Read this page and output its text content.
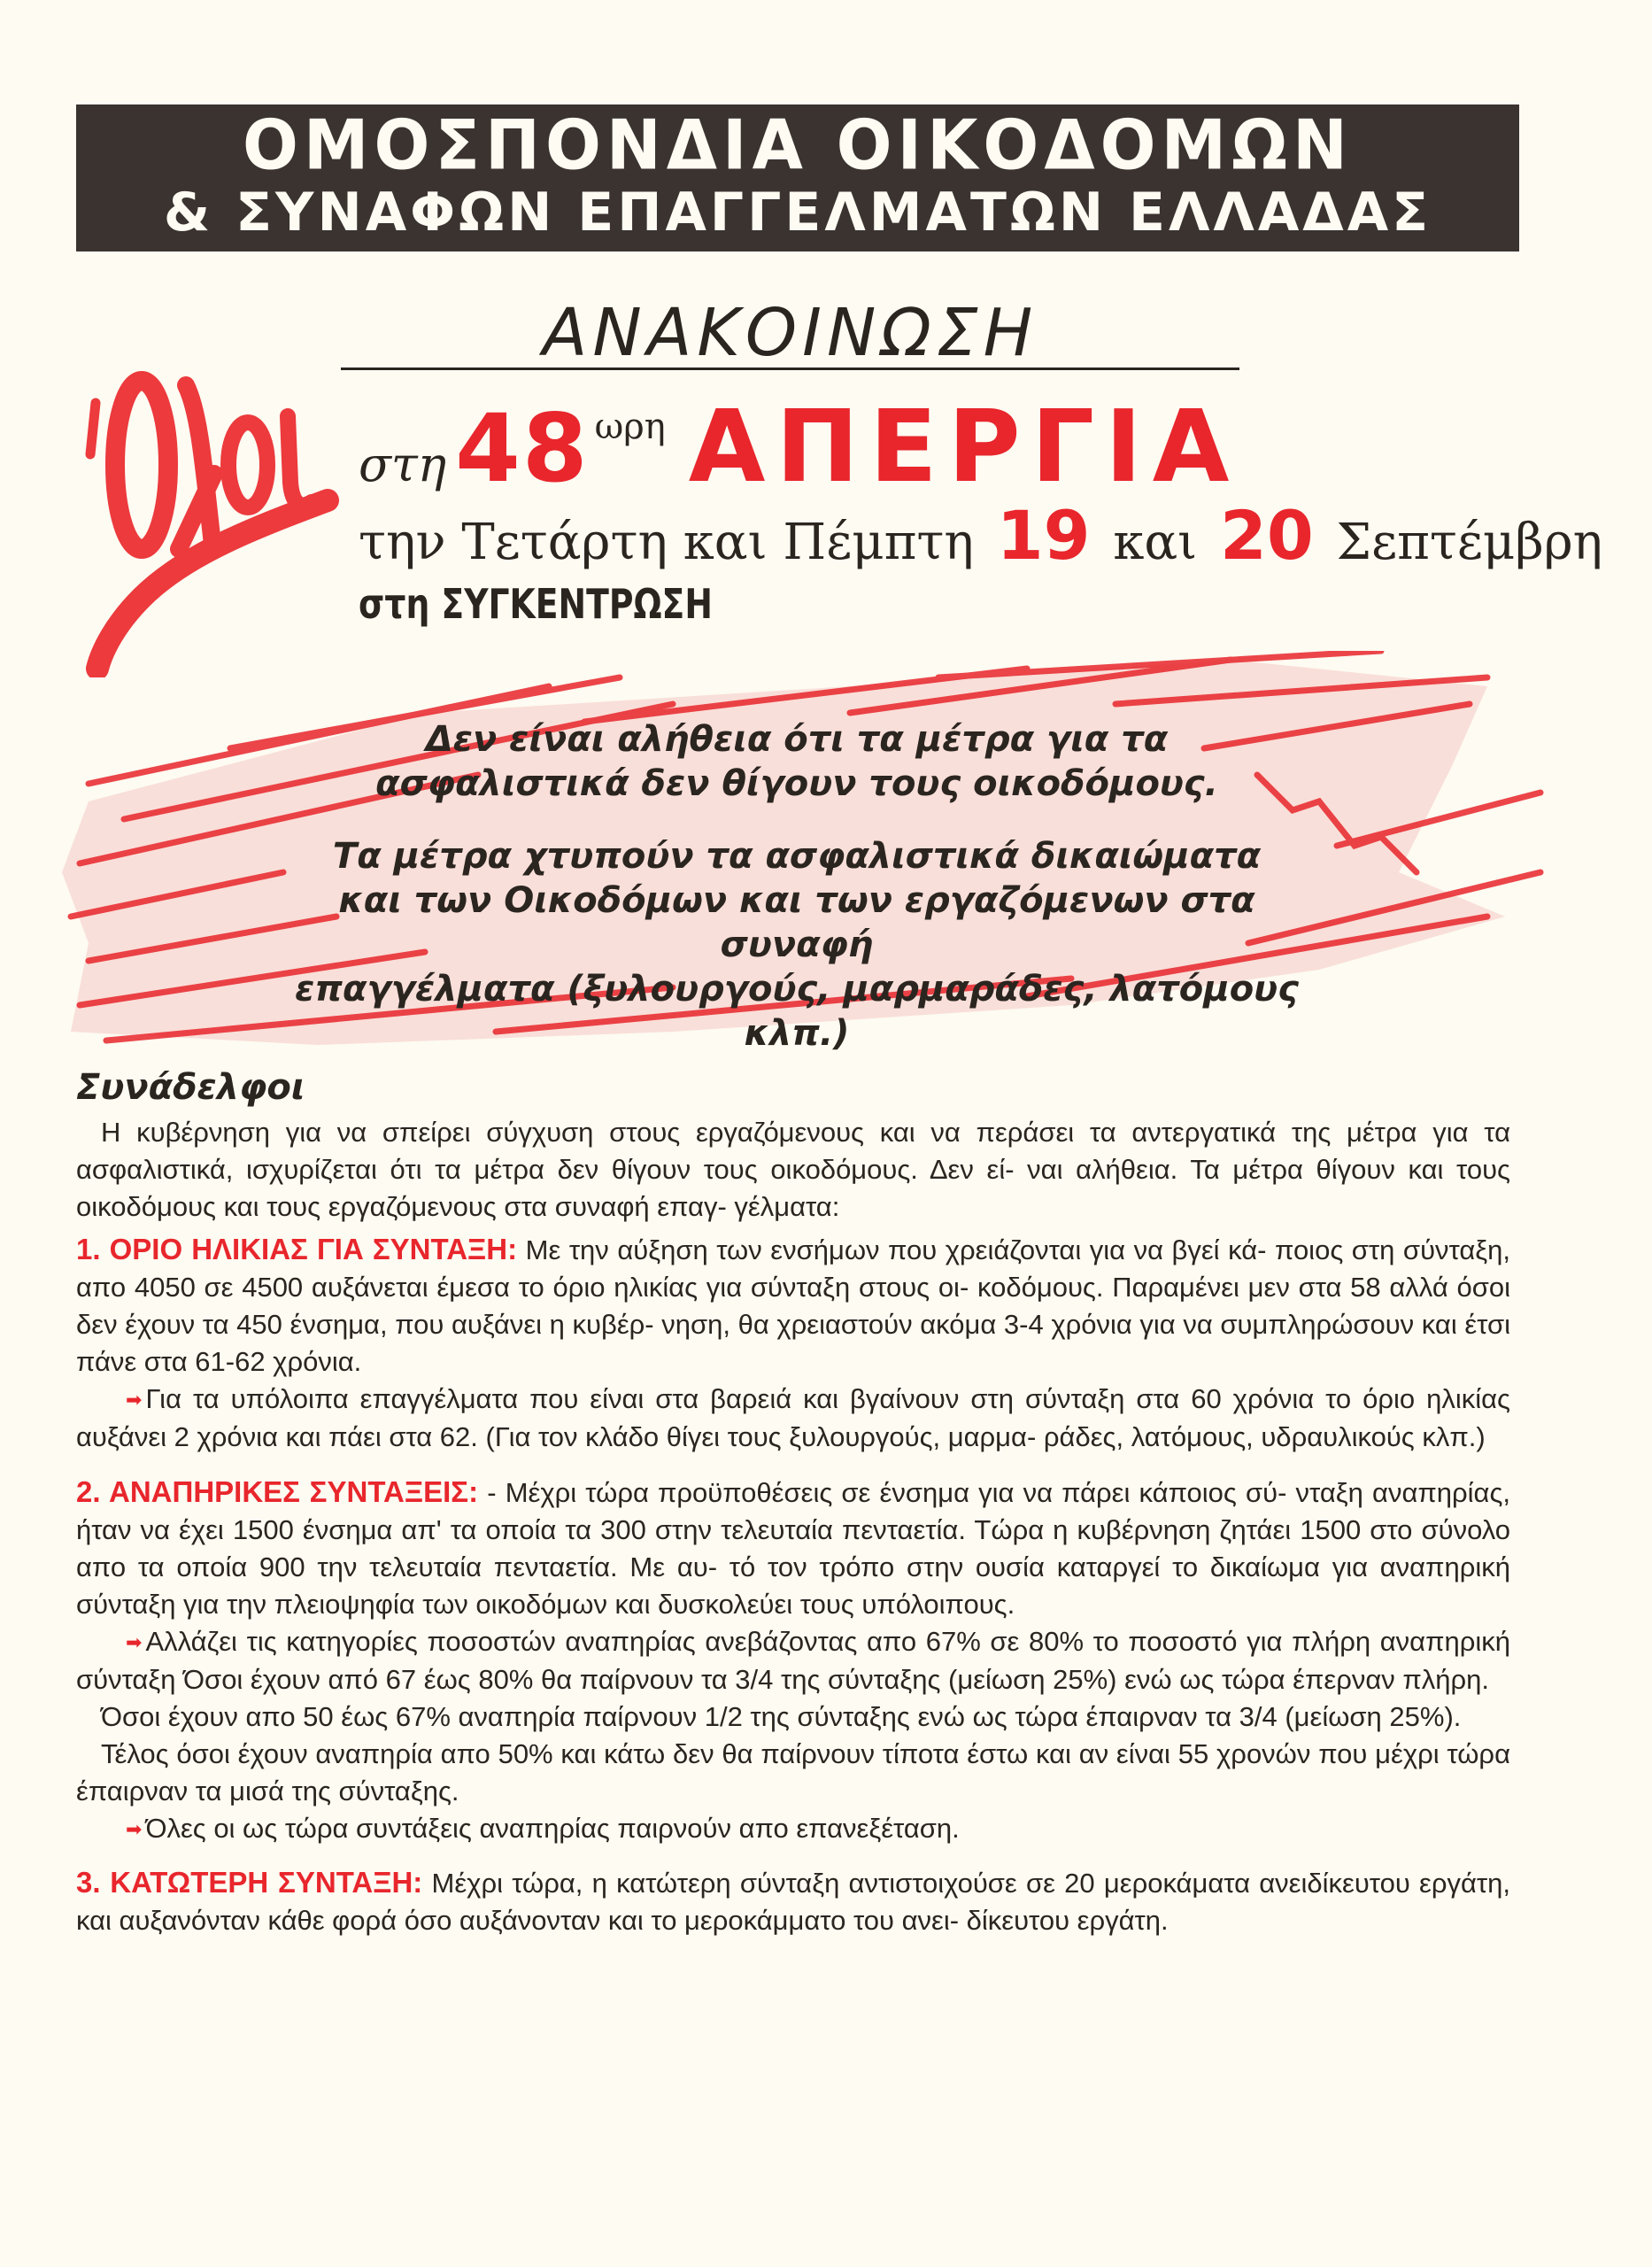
ΟΜΟΣΠΟΝΔΙΑ ΟΙΚΟΔΟΜΩΝ
& ΣΥΝΑΦΩΝ ΕΠΑΓΓΕΛΜΑΤΩΝ ΕΛΛΑΔΑΣ
ΑΝΑΚΟΙΝΩΣΗ
στη48 ωρη ΑΠΕΡΓΙΑ
την Τετάρτη και Πέμπτη 19 και 20 Σεπτέμβρη
στη ΣΥΓΚΕΝΤΡΩΣΗ

Δεν είναι αλήθεια ότι τα μέτρα για τα
ασφαλιστικά δεν θίγουν τους οικοδόμους.

Τα μέτρα χτυπούν τα ασφαλιστικά δικαιώματα
και των Οικοδόμων και των εργαζόμενων στα συναφή
επαγγέλματα (ξυλουργούς, μαρμαράδες, λατόμους κλπ.)

Συνάδελφοι

Η κυβέρνηση για να σπείρει σύγχυση στους εργαζόμενους και να περάσει τα αντεργατικά της μέτρα για τα ασφαλιστικά, ισχυρίζεται ότι τα μέτρα δεν θίγουν τους οικοδόμους. Δεν εί- ναι αλήθεια. Τα μέτρα θίγουν και τους οικοδόμους και τους εργαζόμενους στα συναφή επαγ- γέλματα:

1. ΟΡΙΟ ΗΛΙΚΙΑΣ ΓΙΑ ΣΥΝΤΑΞΗ: Με την αύξηση των ενσήμων που χρειάζονται για να βγεί κά- ποιος στη σύνταξη, απο 4050 σε 4500 αυξάνεται έμεσα το όριο ηλικίας για σύνταξη στους οι- κοδόμους. Παραμένει μεν στα 58 αλλά όσοι δεν έχουν τα 450 ένσημα, που αυξάνει η κυβέρ- νηση, θα χρειαστούν ακόμα 3-4 χρόνια για να συμπληρώσουν και έτσι πάνε στα 61-62 χρόνια.

➡ Για τα υπόλοιπα επαγγέλματα που είναι στα βαρειά και βγαίνουν στη σύνταξη στα 60 χρόνια το όριο ηλικίας αυξάνει 2 χρόνια και πάει στα 62. (Για τον κλάδο θίγει τους ξυλουργούς, μαρμα- ράδες, λατόμους, υδραυλικούς κλπ.)

2. ΑΝΑΠΗΡΙΚΕΣ ΣΥΝΤΑΞΕΙΣ: - Μέχρι τώρα προϋποθέσεις σε ένσημα για να πάρει κάποιος σύ- νταξη αναπηρίας, ήταν να έχει 1500 ένσημα απ' τα οποία τα 300 στην τελευταία πενταετία. Τώρα η κυβέρνηση ζητάει 1500 στο σύνολο απο τα οποία 900 την τελευταία πενταετία. Με αυ- τό τον τρόπο στην ουσία καταργεί το δικαίωμα για αναπηρική σύνταξη για την πλειοψηφία των οικοδόμων και δυσκολεύει τους υπόλοιπους.

➡ Αλλάζει τις κατηγορίες ποσοστών αναπηρίας ανεβάζοντας απο 67% σε 80% το ποσοστό για πλήρη αναπηρική σύνταξη Όσοι έχουν από 67 έως 80% θα παίρνουν τα 3/4 της σύνταξης (μείωση 25%) ενώ ως τώρα έπερναν πλήρη.

Όσοι έχουν απο 50 έως 67% αναπηρία παίρνουν 1/2 της σύνταξης ενώ ως τώρα έπαιρναν τα 3/4 (μείωση 25%).

Τέλος όσοι έχουν αναπηρία απο 50% και κάτω δεν θα παίρνουν τίποτα έστω και αν είναι 55 χρονών που μέχρι τώρα έπαιρναν τα μισά της σύνταξης.

➡ Όλες οι ως τώρα συντάξεις αναπηρίας παιρνούν απο επανεξέταση.

3. ΚΑΤΩΤΕΡΗ ΣΥΝΤΑΞΗ: Μέχρι τώρα, η κατώτερη σύνταξη αντιστοιχούσε σε 20 μεροκάματα ανειδίκευτου εργάτη, και αυξανόνταν κάθε φορά όσο αυξάνονταν και το μεροκάμματο του ανει- δίκευτου εργάτη.
